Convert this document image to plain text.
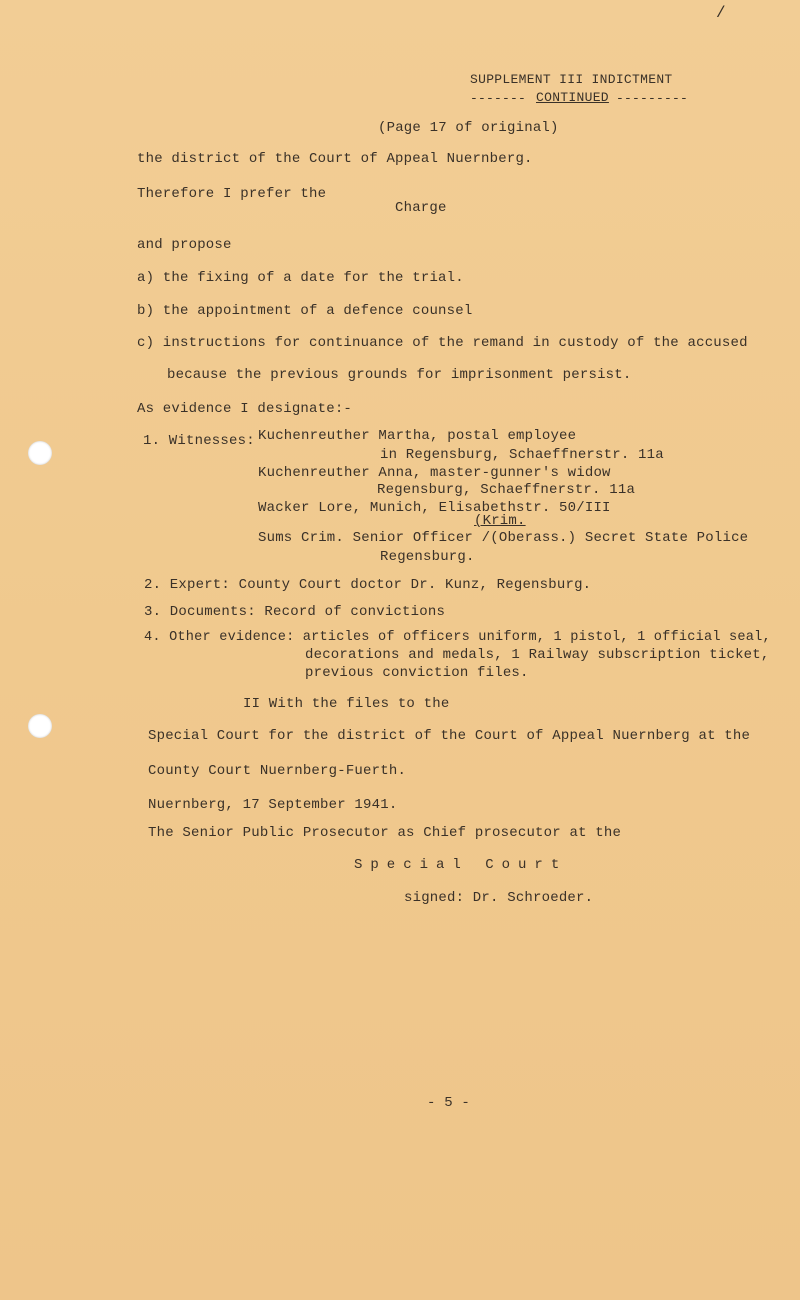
/
SUPPLEMENT III INDICTMENT
------- CONTINUED ---------
(Page 17 of original)
the district of the Court of Appeal Nuernberg.
Therefore I prefer the
Charge
and propose
a) the fixing of a date for the trial.
b) the appointment of a defence counsel
c) instructions for continuance of the remand in custody of the accused
because the previous grounds for imprisonment persist.
As evidence I designate:-
1. Witnesses: Kuchenreuther Martha, postal employee
in Regensburg, Schaeffnerstr. 11a
Kuchenreuther Anna, master-gunner's widow
Regensburg, Schaeffnerstr. 11a
Wacker Lore, Munich, Elisabethstr. 50/III
(Krim.
Sums Crim. Senior Officer /(Oberass.) Secret State Police
Regensburg.
2. Expert: County Court doctor Dr. Kunz, Regensburg.
3. Documents: Record of convictions
4. Other evidence: articles of officers uniform, 1 pistol, 1 official seal,
decorations and medals, 1 Railway subscription ticket,
previous conviction files.
II With the files to the
Special Court for the district of the Court of Appeal Nuernberg at the
County Court Nuernberg-Fuerth.
Nuernberg, 17 September 1941.
The Senior Public Prosecutor as Chief prosecutor at the
Special Court
signed: Dr. Schroeder.
- 5 -
